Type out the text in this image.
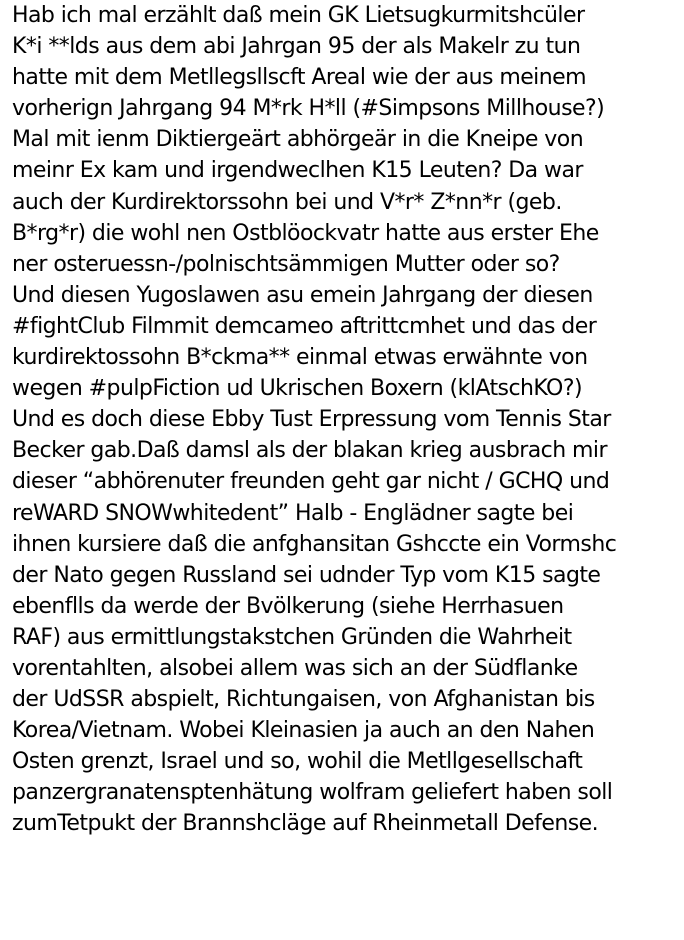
Hab ich mal erzählt daß mein GK Lietsugkurmitshcüler
K*i **lds aus dem abi Jahrgan 95 der als Makelr zu tun
hatte mit dem Metllegsllscft Areal wie der aus meinem
vorherign Jahrgang 94 M*rk H*ll (#Simpsons Millhouse?)
Mal mit ienm Diktiergeärt abhörgeär in die Kneipe von
meinr Ex kam und irgendweclhen K15 Leuten? Da war
auch der Kurdirektorssohn bei und V*r* Z*nn*r (geb.
B*rg*r) die wohl nen Ostblöockvatr hatte aus erster Ehe
ner osteruessn-/polnischtsämmigen Mutter oder so?
Und diesen Yugoslawen asu emein Jahrgang der diesen
#fightClub Filmmit demcameo aftrittcmhet und das der
kurdirektossohn B*ckma** einmal etwas erwähnte von
wegen #pulpFiction ud Ukrischen Boxern (klAtschKO?)
Und es doch diese Ebby Tust Erpressung vom Tennis Star
Becker gab.Daß damsl als der blakan krieg ausbrach mir
dieser “abhörenuter freunden geht gar nicht / GCHQ und
reWARD SNOWwhitedent” Halb - Englädner sagte bei
ihnen kursiere daß die anfghansitan Gshccte ein Vormshc
der Nato gegen Russland sei udnder Typ vom K15 sagte
ebenflls da werde der Bvölkerung (siehe Herrhasuen
RAF) aus ermittlungstakstchen Gründen die Wahrheit
vorentahlten, alsobei allem was sich an der Südflanke
der UdSSR abspielt, Richtungaisen, von Afghanistan bis
Korea/Vietnam. Wobei Kleinasien ja auch an den Nahen
Osten grenzt, Israel und so, wohil die Metllgesellschaft
panzergranatensptenhätung wolfram geliefert haben soll
zumTetpukt der Brannshcläge auf Rheinmetall Defense.
